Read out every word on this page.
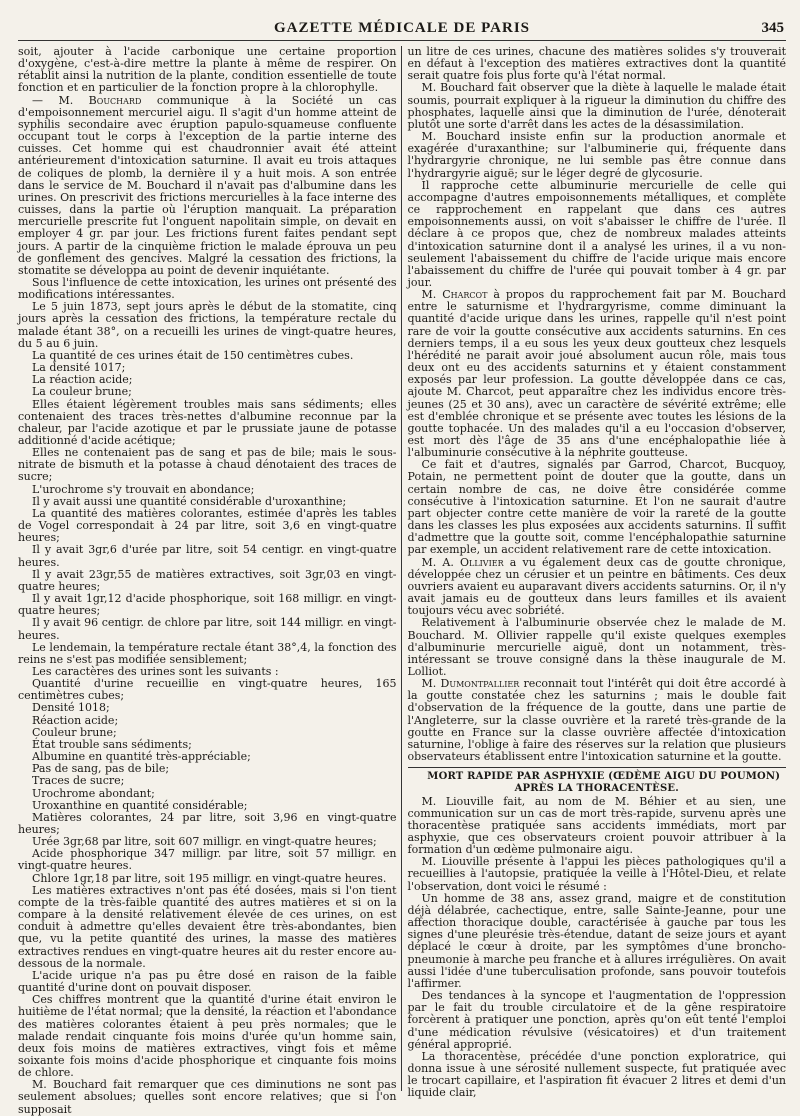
GAZETTE MÉDICALE DE PARIS	345

soit, ajouter à l'acide carbonique une certaine proportion d'oxygène, c'est-à-dire mettre la plante à même de respirer. On rétablit ainsi la nutrition de la plante, condition essentielle de toute fonction et en particulier de la fonction propre à la chlorophylle.

— M. Bouchard communique à la Société un cas d'empoisonnement mercuriel aigu. Il s'agit d'un homme atteint de syphilis secondaire avec éruption papulo-squameuse confluente occupant tout le corps à l'exception de la partie interne des cuisses. Cet homme qui est chaudronnier avait été atteint antérieurement d'intoxication saturnine. Il avait eu trois attaques de coliques de plomb, la dernière il y a huit mois. A son entrée dans le service de M. Bouchard il n'avait pas d'albumine dans les urines. On prescrivit des frictions mercurielles à la face interne des cuisses, dans la partie où l'éruption manquait. La préparation mercurielle prescrite fut l'onguent napolitain simple, on devait en employer 4 gr. par jour. Les frictions furent faites pendant sept jours. A partir de la cinquième friction le malade éprouva un peu de gonflement des gencives. Malgré la cessation des frictions, la stomatite se développa au point de devenir inquiétante.

Sous l'influence de cette intoxication, les urines ont présenté des modifications intéressantes.

Le 5 juin 1873, sept jours après le début de la stomatite, cinq jours après la cessation des frictions, la température rectale du malade étant 38°, on a recueilli les urines de vingt-quatre heures, du 5 au 6 juin.

La quantité de ces urines était de 150 centimètres cubes.

La densité 1017;

La réaction acide;

La couleur brune;

Elles étaient légèrement troubles mais sans sédiments; elles contenaient des traces très-nettes d'albumine reconnue par la chaleur, par l'acide azotique et par le prussiate jaune de potasse additionné d'acide acétique;

Elles ne contenaient pas de sang et pas de bile; mais le sous-nitrate de bismuth et la potasse à chaud dénotaient des traces de sucre;

L'urochrome s'y trouvait en abondance;

Il y avait aussi une quantité considérable d'uroxanthine;

La quantité des matières colorantes, estimée d'après les tables de Vogel correspondait à 24 par litre, soit 3,6 en vingt-quatre heures;

Il y avait 3gr,6 d'urée par litre, soit 54 centigr. en vingt-quatre heures.

Il y avait 23gr,55 de matières extractives, soit 3gr,03 en vingt-quatre heures;

Il y avait 1gr,12 d'acide phosphorique, soit 168 milligr. en vingt-quatre heures;

Il y avait 96 centigr. de chlore par litre, soit 144 milligr. en vingt-heures.

Le lendemain, la température rectale étant 38°,4, la fonction des reins ne s'est pas modifiée sensiblement;

Les caractères des urines sont les suivants :

Quantité d'urine recueillie en vingt-quatre heures, 165 centimètres cubes;

Densité 1018;

Réaction acide;

Couleur brune;

État trouble sans sédiments;

Albumine en quantité très-appréciable;

Pas de sang, pas de bile;

Traces de sucre;

Urochrome abondant;

Uroxanthine en quantité considérable;

Matières colorantes, 24 par litre, soit 3,96 en vingt-quatre heures;

Urée 3gr,68 par litre, soit 607 milligr. en vingt-quatre heures;

Acide phosphorique 347 milligr. par litre, soit 57 milligr. en vingt-quatre heures.

Chlore 1gr,18 par litre, soit 195 milligr. en vingt-quatre heures.

Les matières extractives n'ont pas été dosées, mais si l'on tient compte de la très-faible quantité des autres matières et si on la compare à la densité relativement élevée de ces urines, on est conduit à admettre qu'elles devaient être très-abondantes, bien que, vu la petite quantité des urines, la masse des matières extractives rendues en vingt-quatre heures ait du rester encore au-dessous de la normale.

L'acide urique n'a pas pu être dosé en raison de la faible quantité d'urine dont on pouvait disposer.

Ces chiffres montrent que la quantité d'urine était environ le huitième de l'état normal; que la densité, la réaction et l'abondance des matières colorantes étaient à peu près normales; que le malade rendait cinquante fois moins d'urée qu'un homme sain, deux fois moins de matières extractives, vingt fois et même soixante fois moins d'acide phosphorique et cinquante fois moins de chlore.

M. Bouchard fait remarquer que ces diminutions ne sont pas seulement absolues; quelles sont encore relatives; que si l'on supposait

un litre de ces urines, chacune des matières solides s'y trouverait en défaut à l'exception des matières extractives dont la quantité serait quatre fois plus forte qu'à l'état normal.

M. Bouchard fait observer que la diète à laquelle le malade était soumis, pourrait expliquer à la rigueur la diminution du chiffre des phosphates, laquelle ainsi que la diminution de l'urée, dénoterait plutôt une sorte d'arrêt dans les actes de la désassimilation.

M. Bouchard insiste enfin sur la production anormale et exagérée d'uraxanthine; sur l'albuminerie qui, fréquente dans l'hydrargyrie chronique, ne lui semble pas être connue dans l'hydrargyrie aiguë; sur le léger degré de glycosurie.

Il rapproche cette albuminurie mercurielle de celle qui accompagne d'autres empoisonnements métalliques, et complète ce rapprochement en rappelant que dans ces autres empoisonnements aussi, on voit s'abaisser le chiffre de l'urée. Il déclare à ce propos que, chez de nombreux malades atteints d'intoxication saturnine dont il a analysé les urines, il a vu non-seulement l'abaissement du chiffre de l'acide urique mais encore l'abaissement du chiffre de l'urée qui pouvait tomber à 4 gr. par jour.

M. Charcot à propos du rapprochement fait par M. Bouchard entre le saturnisme et l'hydrargyrisme, comme diminuant la quantité d'acide urique dans les urines, rappelle qu'il n'est point rare de voir la goutte consécutive aux accidents saturnins. En ces derniers temps, il a eu sous les yeux deux goutteux chez lesquels l'hérédité ne parait avoir joué absolument aucun rôle, mais tous deux ont eu des accidents saturnins et y étaient constamment exposés par leur profession. La goutte développée dans ce cas, ajoute M. Charcot, peut apparaître chez les individus encore très-jeunes (25 et 30 ans), avec un caractère de sévérité extrême; elle est d'emblée chronique et se présente avec toutes les lésions de la goutte tophacée. Un des malades qu'il a eu l'occasion d'observer, est mort dès l'âge de 35 ans d'une encéphalopathie liée à l'albuminurie consécutive à la néphrite goutteuse.

Ce fait et d'autres, signalés par Garrod, Charcot, Bucquoy, Potain, ne permettent point de douter que la goutte, dans un certain nombre de cas, ne doive être considérée comme consécutive à l'intoxication saturnine. Et l'on ne saurait d'autre part objecter contre cette manière de voir la rareté de la goutte dans les classes les plus exposées aux accidents saturnins. Il suffit d'admettre que la goutte soit, comme l'encéphalopathie saturnine par exemple, un accident relativement rare de cette intoxication.

M. A. Ollivier a vu également deux cas de goutte chronique, développée chez un cérusier et un peintre en bâtiments. Ces deux ouvriers avaient eu auparavant divers accidents saturnins. Or, il n'y avait jamais eu de goutteux dans leurs familles et ils avaient toujours vécu avec sobriété.

Relativement à l'albuminurie observée chez le malade de M. Bouchard. M. Ollivier rappelle qu'il existe quelques exemples d'albuminurie mercurielle aiguë, dont un notamment, très-intéressant se trouve consigné dans la thèse inaugurale de M. Lolliot.

M. Dumontpallier reconnait tout l'intérêt qui doit être accordé à la goutte constatée chez les saturnins ; mais le double fait d'observation de la fréquence de la goutte, dans une partie de l'Angleterre, sur la classe ouvrière et la rareté très-grande de la goutte en France sur la classe ouvrière affectée d'intoxication saturnine, l'oblige à faire des réserves sur la relation que plusieurs observateurs établissent entre l'intoxication saturnine et la goutte.

MORT RAPIDE PAR ASPHYXIE (ŒDÈME AIGU DU POUMON) APRÈS LA THORACENTÈSE.

M. Liouville fait, au nom de M. Béhier et au sien, une communication sur un cas de mort très-rapide, survenu après une thoracentèse pratiquée sans accidents immédiats, mort par asphyxie, que ces observateurs croient pouvoir attribuer à la formation d'un œdème pulmonaire aigu.

M. Liouville présente à l'appui les pièces pathologiques qu'il a recueillies à l'autopsie, pratiquée la veille à l'Hôtel-Dieu, et relate l'observation, dont voici le résumé :

Un homme de 38 ans, assez grand, maigre et de constitution déjà délabrée, cachectique, entre, salle Sainte-Jeanne, pour une affection thoracique double, caractérisée à gauche par tous les signes d'une pleurésie très-étendue, datant de seize jours et ayant déplacé le cœur à droite, par les symptômes d'une broncho-pneumonie à marche peu franche et à allures irrégulières. On avait aussi l'idée d'une tuberculisation profonde, sans pouvoir toutefois l'affirmer.

Des tendances à la syncope et l'augmentation de l'oppression par le fait du trouble circulatoire et de la gêne respiratoire forcèrent à pratiquer une ponction, après qu'on eût tenté l'emploi d'une médication révulsive (vésicatoires) et d'un traitement général approprié.

La thoracentèse, précédée d'une ponction exploratrice, qui donna issue à une sérosité nullement suspecte, fut pratiquée avec le trocart capillaire, et l'aspiration fit évacuer 2 litres et demi d'un liquide clair,
